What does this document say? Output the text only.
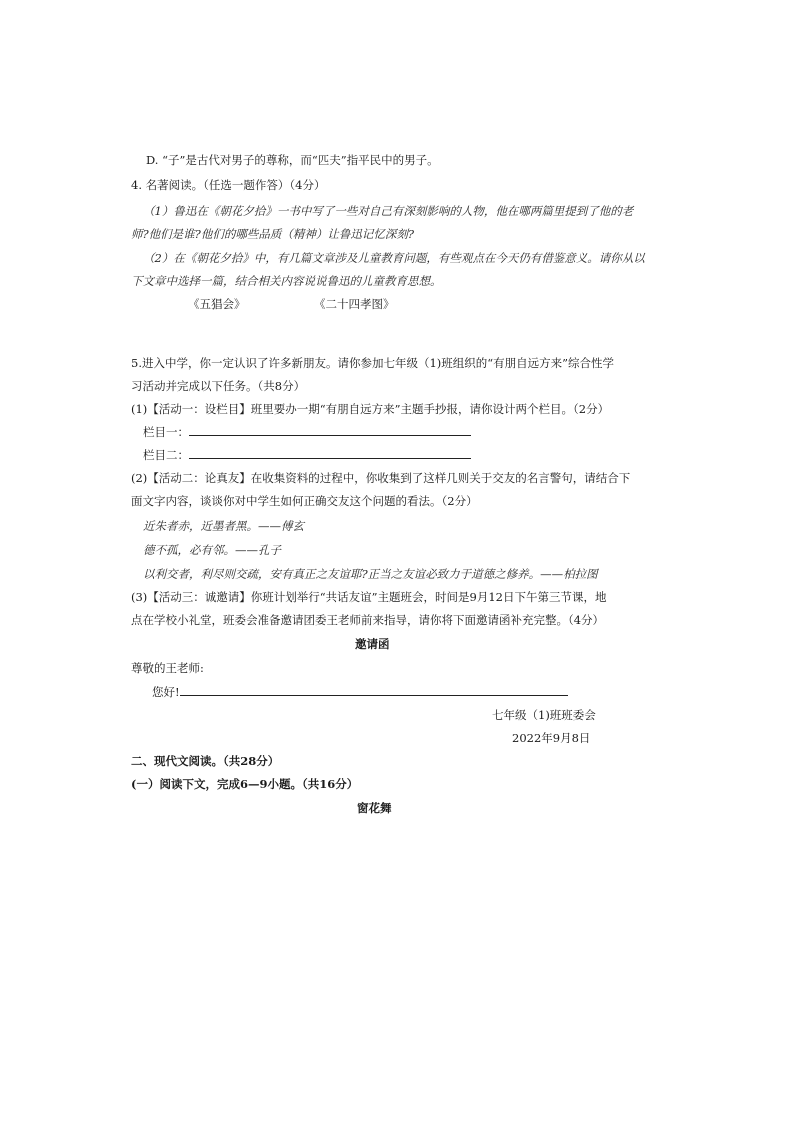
D. “子”是古代对男子的尊称，而“匹夫”指平民中的男子。
4. 名著阅读。（任选一题作答）（4分）
（1）鲁迅在《朝花夕拾》一书中写了一些对自己有深刻影响的人物，他在哪两篇里提到了他的老
师?他们是谁?他们的哪些品质（精神）让鲁迅记忆深刻?
（2）在《朝花夕拾》中，有几篇文章涉及儿童教育问题，有些观点在今天仍有借鉴意义。请你从以
下文章中选择一篇，结合相关内容说说鲁迅的儿童教育思想。
《五猖会》	《二十四孝图》
5.进入中学，你一定认识了许多新朋友。请你参加七年级（1)班组织的“有朋自远方来”综合性学
习活动并完成以下任务。（共8分）
(1)【活动一：设栏目】班里要办一期“有朋自远方来”主题手抄报，请你设计两个栏目。（2分）
栏目一：
栏目二：
(2)【活动二：论真友】在收集资料的过程中，你收集到了这样几则关于交友的名言警句，请结合下
面文字内容，谈谈你对中学生如何正确交友这个问题的看法。（2分）
近朱者赤，近墨者黑。——傅玄
德不孤，必有邻。——孔子
以利交者，利尽则交疏，安有真正之友谊耶?正当之友谊必致力于道德之修养。——柏拉图
(3)【活动三：诚邀请】你班计划举行“共话友谊”主题班会，时间是9月12日下午第三节课，地
点在学校小礼堂，班委会准备邀请团委王老师前来指导，请你将下面邀请函补充完整。（4分）
邀请函
尊敬的王老师:
您好!
七年级（1)班班委会
2022年9月8日
二、现代文阅读。（共28分）
(一）阅读下文，完成6—9小题。（共16分）
窗花舞
